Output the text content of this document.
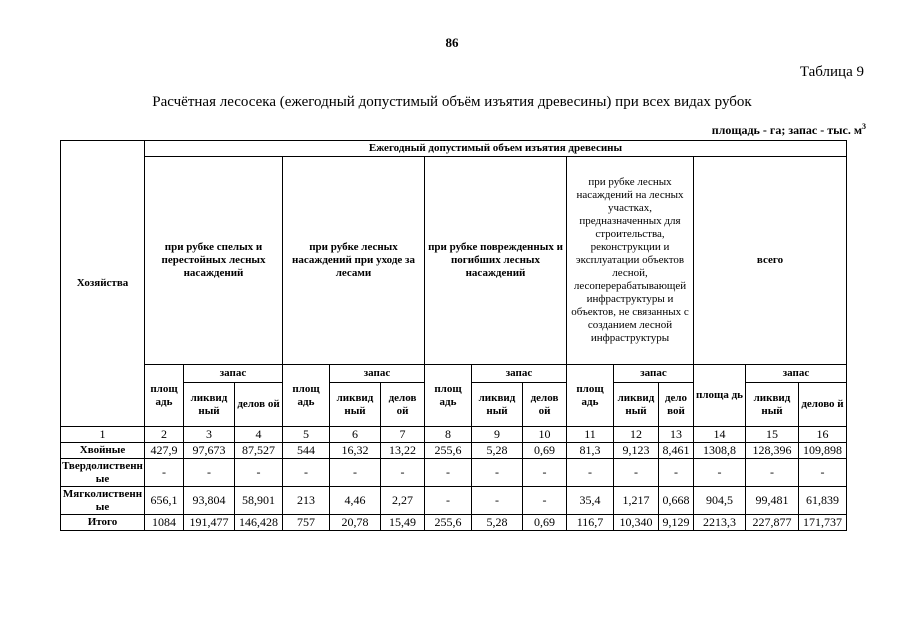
86
Таблица 9
Расчётная лесосека (ежегодный допустимый объём изъятия древесины) при всех видах рубок
площадь - га; запас - тыс. $м^3$
Хозяйства	Ежегодный допустимый объем изъятия древесины														
	при рубке спелых и перестойных лесных насаждений			при рубке лесных насаждений при уходе за лесами			при рубке поврежденных и погибших лесных насаждений			при рубке лесных насаждений на лесных участках, предназначенных для строительства, реконструкции и эксплуатации объектов лесной, лесоперерабатывающей инфраструктуры и объектов, не связанных с созданием лесной инфраструктуры			всего		
	площ адь	запас		площ адь	запас		площ адь	запас		площ адь	запас		площа дь	запас	
		ликвид ный	делов ой		ликвид ный	делов ой		ликвид ный	делов ой		ликвид ный	дело вой		ликвид ный	делово й
1	2	3	4	5	6	7	8	9	10	11	12	13	14	15	16
Хвойные	427,9	97,673	87,527	544	16,32	13,22	255,6	5,28	0,69	81,3	9,123	8,461	1308,8	128,396	109,898
Твердолиственные	-	-	-	-	-	-	-	-	-	-	-	-	-	-	-
Мягколиственные	656,1	93,804	58,901	213	4,46	2,27	-	-	-	35,4	1,217	0,668	904,5	99,481	61,839
Итого	1084	191,477	146,428	757	20,78	15,49	255,6	5,28	0,69	116,7	10,340	9,129	2213,3	227,877	171,737
